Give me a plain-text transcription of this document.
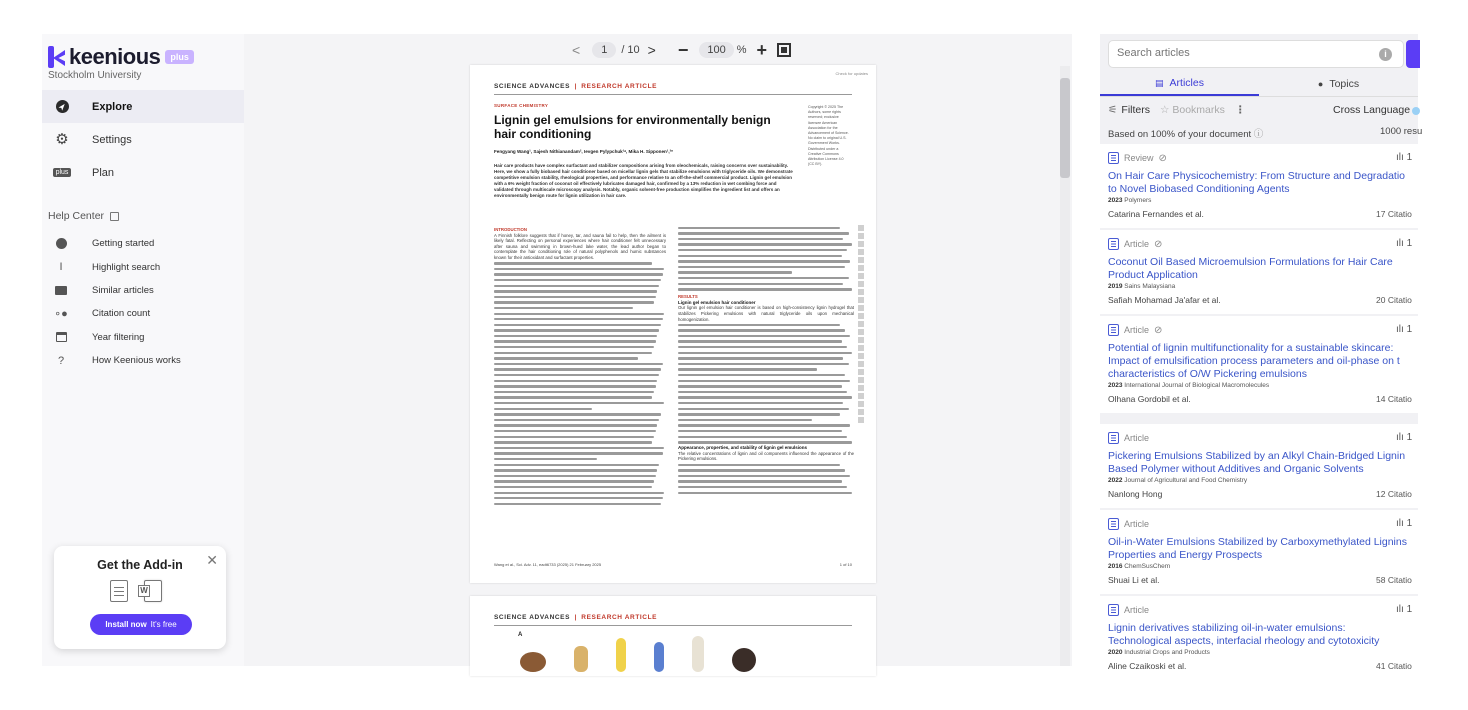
keenious	plus
Stockholm University
Explore
⚙ Settings
plus Plan
Help Center
Getting started
I	Highlight search
Similar articles
∘●	Citation count
Year filtering
?	How Keenious works
Get the Add-in	✕
W
Install now It's free
<	1	/ 10 > −	100	% +
Check for updates
SCIENCE ADVANCES | RESEARCH ARTICLE
SURFACE CHEMISTRY
Lignin gel emulsions for environmentally benign hair conditioning
Fengyang Wang¹, Sajesh Nithianandam², Ievgen Pylypchuk¹ᵃ, Mika H. Sipponen¹,³*
Copyright © 2025 The Authors, some rights reserved; exclusive licensee American Association for the Advancement of Science. No claim to original U.S. Government Works. Distributed under a Creative Commons Attribution License 4.0 (CC BY).
Hair care products have complex surfactant and stabilizer compositions arising from oleochemicals, raising concerns over sustainability. Here, we show a fully biobased hair conditioner based on micellar lignin gels that stabilize emulsions with triglyceride oils. We demonstrate competitive emulsion stability, rheological properties, and performance relative to an off-the-shelf commercial product. Lignin gel emulsion with a 6% weight fraction of coconut oil effectively lubricates damaged hair, confirmed by a 13% reduction in wet combing force and validated through multiscale microscopy analysis. Notably, organic solvent-free production simplifies the ingredient list and offers an environmentally benign route for lignin utilization in hair care.
INTRODUCTION
A Finnish folklore suggests that if honey, tar, and sauna fail to help, then the ailment is likely fatal. Reflecting on personal experiences where hair conditioner felt unnecessary after sauna and swimming in brown-hued lake water, the lead author began to contemplate the hair conditioning role of natural polyphenols and humic substances known for their antioxidant and surfactant properties.
RESULTS
Lignin gel emulsion hair conditioner
Our lignin gel emulsion hair conditioner is based on high-consistency lignin hydrogel that stabilizes Pickering emulsions with natural triglyceride oils upon mechanical homogenization.
Appearance, properties, and stability of lignin gel emulsions
The relative concentrations of lignin and oil components influenced the appearance of the Pickering emulsions.
Wang et al., Sci. Adv. 11, eadt6733 (2025) 21 February 2025	1 of 10
SCIENCE ADVANCES | RESEARCH ARTICLE
A
Search articles
i
▤ Articles	● Topics
⚟ Filters ☆ Bookmarks ⋮	Cross Language
Based on 100% of your document ⓘ	1000 resu
Review ⊘	ılı 1
On Hair Care Physicochemistry: From Structure and Degradatio
to Novel Biobased Conditioning Agents
2023 Polymers
Catarina Fernandes et al.	17 Citatio
Article ⊘	ılı 1
Coconut Oil Based Microemulsion Formulations for Hair Care
Product Application
2019 Sains Malaysiana
Safiah Mohamad Ja'afar et al.	20 Citatio
Article ⊘	ılı 1
Potential of lignin multifunctionality for a sustainable skincare:
Impact of emulsification process parameters and oil-phase on t
characteristics of O/W Pickering emulsions
2023 International Journal of Biological Macromolecules
Olhana Gordobil et al.	14 Citatio
Article	ılı 1
Pickering Emulsions Stabilized by an Alkyl Chain-Bridged Lignin
Based Polymer without Additives and Organic Solvents
2022 Journal of Agricultural and Food Chemistry
Nanlong Hong	12 Citatio
Article	ılı 1
Oil-in-Water Emulsions Stabilized by Carboxymethylated Lignins
Properties and Energy Prospects
2016 ChemSusChem
Shuai Li et al.	58 Citatio
Article	ılı 1
Lignin derivatives stabilizing oil-in-water emulsions:
Technological aspects, interfacial rheology and cytotoxicity
2020 Industrial Crops and Products
Aline Czaikoski et al.	41 Citatio
